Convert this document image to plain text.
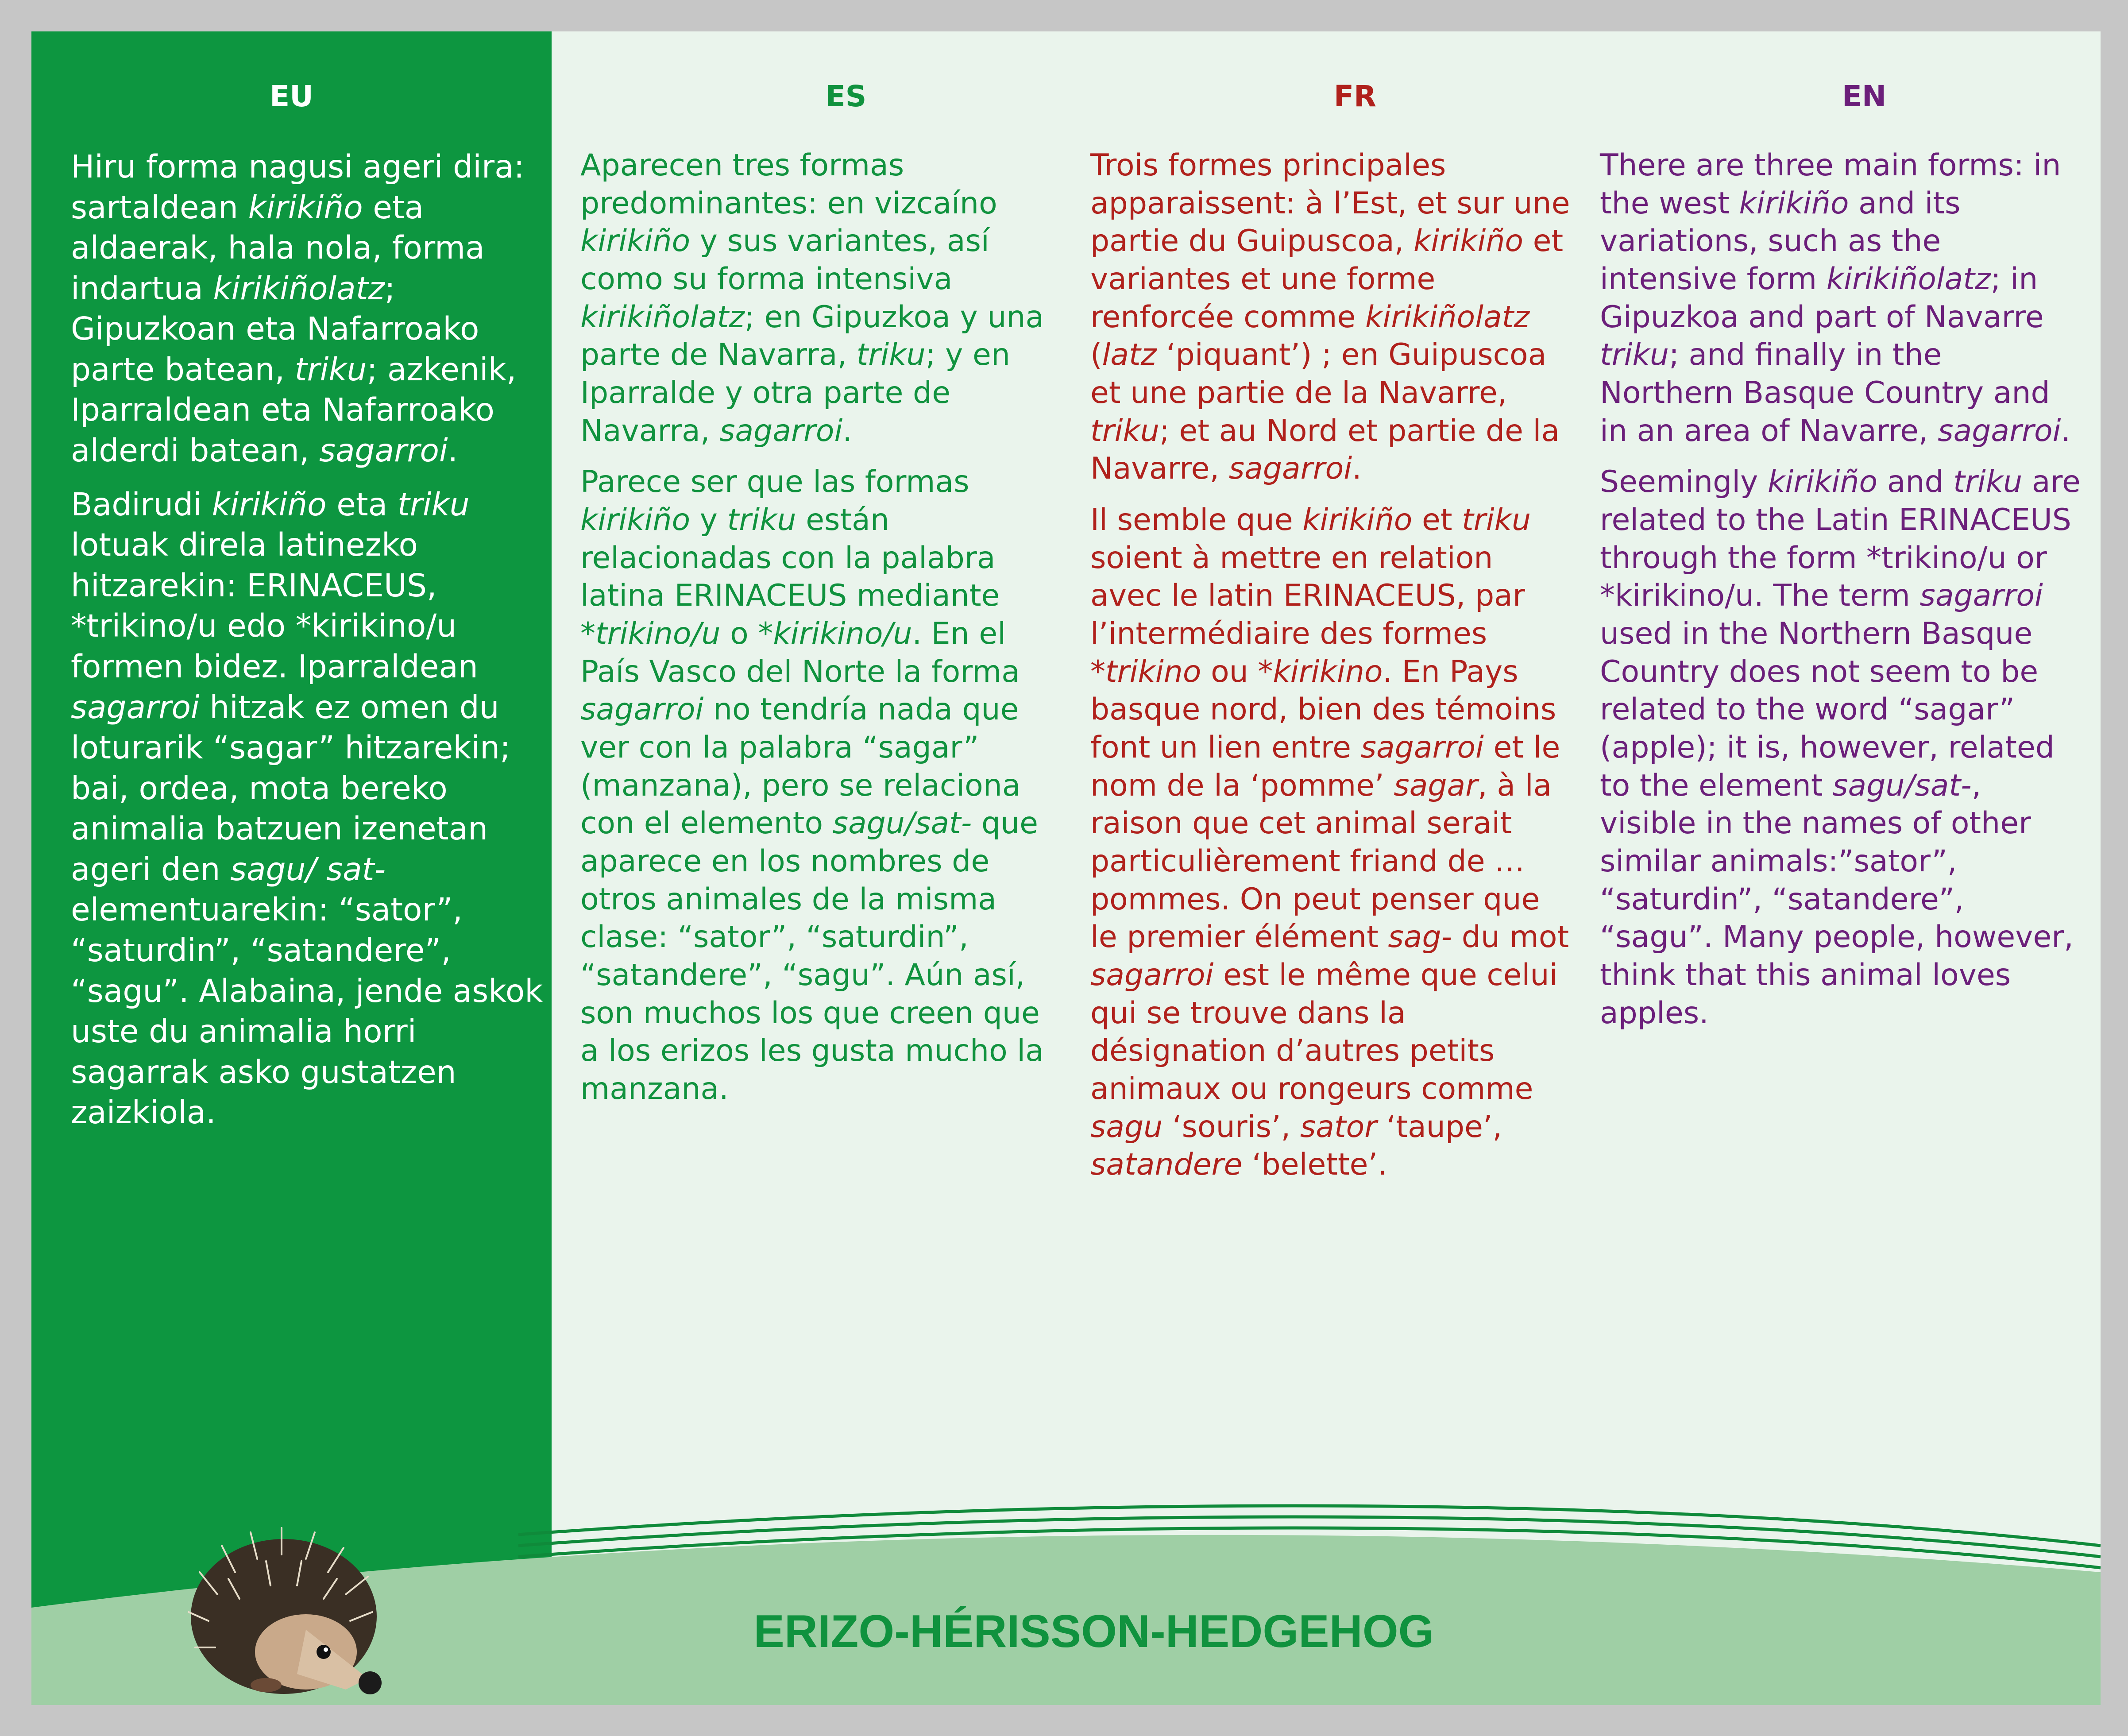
EU	ES	FR	EN

Hiru forma nagusi ageri dira: sartaldean kirikiño eta aldaerak, hala nola, forma indartua kirikiñolatz; Gipuzkoan eta Nafarroako parte batean, triku; azkenik, Iparraldean eta Nafarroako alderdi batean, sagarroi.

Badirudi kirikiño eta triku lotuak direla latinezko hitzarekin: ERINACEUS, *trikino/u edo *kirikino/u formen bidez. Iparraldean sagarroi hitzak ez omen du loturarik “sagar” hitzarekin; bai, ordea, mota bereko animalia batzuen izenetan ageri den sagu/ sat- elementuarekin: “sator”, “saturdin”, “satandere”, “sagu”. Alabaina, jende askok uste du animalia horri sagarrak asko gustatzen zaizkiola.

Aparecen tres formas predominantes: en vizcaíno kirikiño y sus variantes, así como su forma intensiva kirikiñolatz; en Gipuzkoa y una parte de Navarra, triku; y en Iparralde y otra parte de Navarra, sagarroi.

Parece ser que las formas kirikiño y triku están relacionadas con la palabra latina ERINACEUS mediante *trikino/u o *kirikino/u. En el País Vasco del Norte la forma sagarroi no tendría nada que ver con la palabra “sagar” (manzana), pero se relaciona con el elemento sagu/sat- que aparece en los nombres de otros animales de la misma clase: “sator”, “saturdin”, “satandere”, “sagu”. Aún así, son muchos los que creen que a los erizos les gusta mucho la manzana.

Trois formes principales apparaissent: à l’Est, et sur une partie du Guipuscoa, kirikiño et variantes et une forme renforcée comme kirikiñolatz (latz ‘piquant’) ; en Guipuscoa et une partie de la Navarre, triku; et au Nord et partie de la Navarre, sagarroi.

Il semble que kirikiño et triku soient à mettre en relation avec le latin ERINACEUS, par l’intermédiaire des formes *trikino ou *kirikino. En Pays basque nord, bien des témoins font un lien entre sagarroi et le nom de la ‘pomme’ sagar, à la raison que cet animal serait particulièrement friand de … pommes. On peut penser que le premier élément sag- du mot sagarroi est le même que celui qui se trouve dans la désignation d’autres petits animaux ou rongeurs comme sagu ‘souris’, sator ‘taupe’, satandere ‘belette’.

There are three main forms: in the west kirikiño and its variations, such as the intensive form kirikiñolatz; in Gipuzkoa and part of Navarre triku; and finally in the Northern Basque Country and in an area of Navarre, sagarroi.

Seemingly kirikiño and triku are related to the Latin ERINACEUS through the form *trikino/u or *kirikino/u. The term sagarroi used in the Northern Basque Country does not seem to be related to the word “sagar” (apple); it is, however, related to the element sagu/sat-, visible in the names of other similar animals:”sator”, “saturdin”, “satandere”, “sagu”. Many people, however, think that this animal loves apples.

ERIZO-HÉRISSON-HEDGEHOG
